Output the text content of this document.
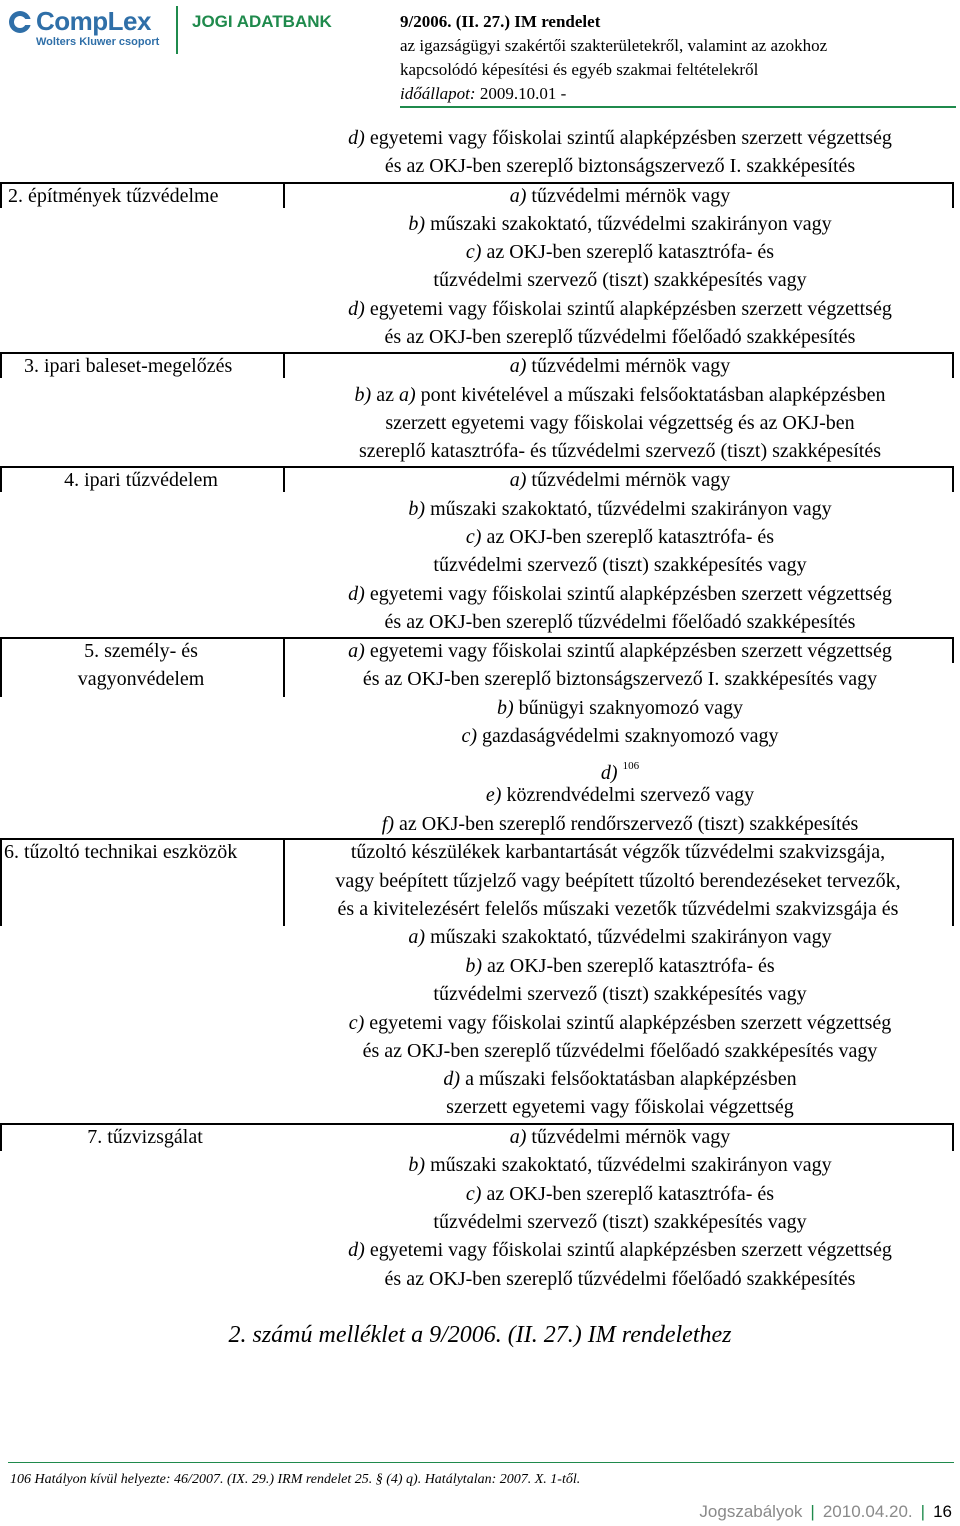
CompLex
Wolters Kluwer csoport
JOGI ADATBANK	9/2006. (II. 27.) IM rendelet
az igazságügyi szakértői szakterületekről, valamint az azokhoz
kapcsolódó képesítési és egyéb szakmai feltételekről
időállapot: 2009.10.01 -
d) egyetemi vagy főiskolai szintű alapképzésben szerzett végzettség
és az OKJ-ben szereplő biztonságszervező I. szakképesítés
2. építmények tűzvédelme	a) tűzvédelmi mérnök vagy
b) műszaki szakoktató, tűzvédelmi szakirányon vagy
c) az OKJ-ben szereplő katasztrófa- és
tűzvédelmi szervező (tiszt) szakképesítés vagy
d) egyetemi vagy főiskolai szintű alapképzésben szerzett végzettség
és az OKJ-ben szereplő tűzvédelmi főelőadó szakképesítés
3. ipari baleset-megelőzés	a) tűzvédelmi mérnök vagy
b) az a) pont kivételével a műszaki felsőoktatásban alapképzésben
szerzett egyetemi vagy főiskolai végzettség és az OKJ-ben
szereplő katasztrófa- és tűzvédelmi szervező (tiszt) szakképesítés
4. ipari tűzvédelem	a) tűzvédelmi mérnök vagy
b) műszaki szakoktató, tűzvédelmi szakirányon vagy
c) az OKJ-ben szereplő katasztrófa- és
tűzvédelmi szervező (tiszt) szakképesítés vagy
d) egyetemi vagy főiskolai szintű alapképzésben szerzett végzettség
és az OKJ-ben szereplő tűzvédelmi főelőadó szakképesítés
5. személy- és
vagyonvédelem
a) egyetemi vagy főiskolai szintű alapképzésben szerzett végzettség
és az OKJ-ben szereplő biztonságszervező I. szakképesítés vagy
b) bűnügyi szaknyomozó vagy
c) gazdaságvédelmi szaknyomozó vagy
d) $^{106}$
e) közrendvédelmi szervező vagy
f) az OKJ-ben szereplő rendőrszervező (tiszt) szakképesítés
6. tűzoltó technikai eszközök	tűzoltó készülékek karbantartását végzők tűzvédelmi szakvizsgája,
vagy beépített tűzjelző vagy beépített tűzoltó berendezéseket tervezők,
és a kivitelezésért felelős műszaki vezetők tűzvédelmi szakvizsgája és
a) műszaki szakoktató, tűzvédelmi szakirányon vagy
b) az OKJ-ben szereplő katasztrófa- és
tűzvédelmi szervező (tiszt) szakképesítés vagy
c) egyetemi vagy főiskolai szintű alapképzésben szerzett végzettség
és az OKJ-ben szereplő tűzvédelmi főelőadó szakképesítés vagy
d) a műszaki felsőoktatásban alapképzésben
szerzett egyetemi vagy főiskolai végzettség
7. tűzvizsgálat	a) tűzvédelmi mérnök vagy
b) műszaki szakoktató, tűzvédelmi szakirányon vagy
c) az OKJ-ben szereplő katasztrófa- és
tűzvédelmi szervező (tiszt) szakképesítés vagy
d) egyetemi vagy főiskolai szintű alapképzésben szerzett végzettség
és az OKJ-ben szereplő tűzvédelmi főelőadó szakképesítés
2. számú melléklet a 9/2006. (II. 27.) IM rendelethez
106 Hatályon kívül helyezte: 46/2007. (IX. 29.) IRM rendelet 25. § (4) q). Hatálytalan: 2007. X. 1-től.
Jogszabályok | 2010.04.20. | 16
